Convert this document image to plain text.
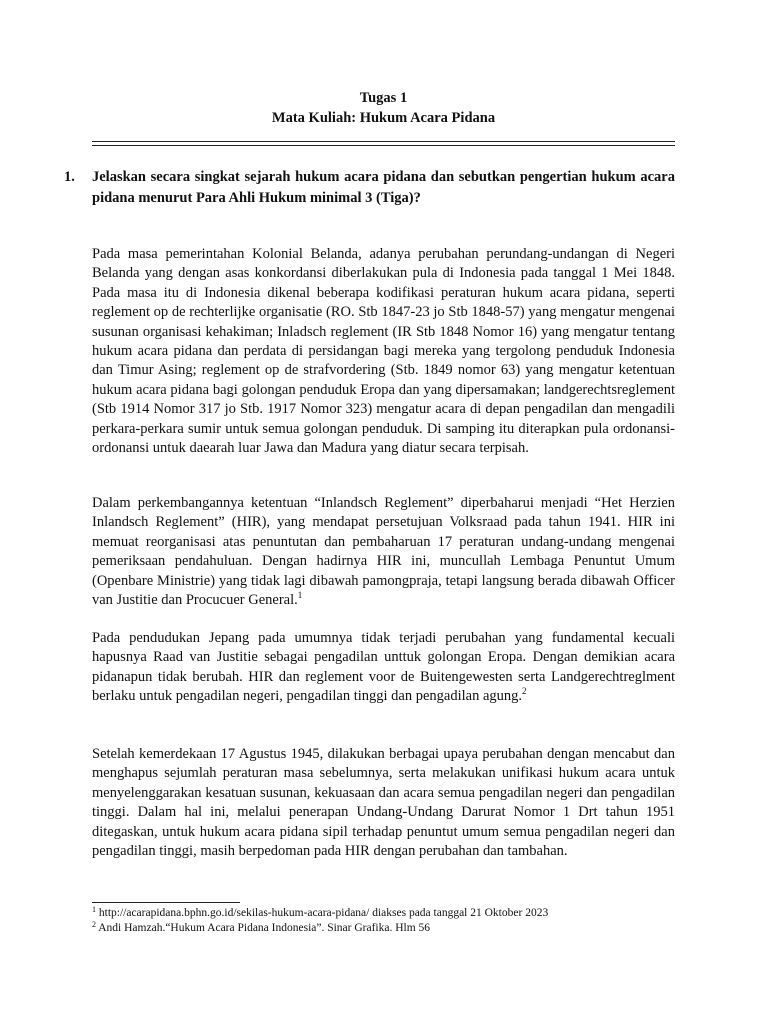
Tugas 1
Mata Kuliah: Hukum Acara Pidana
1. Jelaskan secara singkat sejarah hukum acara pidana dan sebutkan pengertian hukum acara pidana menurut Para Ahli Hukum minimal 3 (Tiga)?

Pada masa pemerintahan Kolonial Belanda, adanya perubahan perundang-undangan di Negeri Belanda yang dengan asas konkordansi diberlakukan pula di Indonesia pada tanggal 1 Mei 1848. Pada masa itu di Indonesia dikenal beberapa kodifikasi peraturan hukum acara pidana, seperti reglement op de rechterlijke organisatie (RO. Stb 1847-23 jo Stb 1848-57) yang mengatur mengenai susunan organisasi kehakiman; Inladsch reglement (IR Stb 1848 Nomor 16) yang mengatur tentang hukum acara pidana dan perdata di persidangan bagi mereka yang tergolong penduduk Indonesia dan Timur Asing; reglement op de strafvordering (Stb. 1849 nomor 63) yang mengatur ketentuan hukum acara pidana bagi golongan penduduk Eropa dan yang dipersamakan; landgerechtsreglement (Stb 1914 Nomor 317 jo Stb. 1917 Nomor 323) mengatur acara di depan pengadilan dan mengadili perkara-perkara sumir untuk semua golongan penduduk. Di samping itu diterapkan pula ordonansi-ordonansi untuk daearah luar Jawa dan Madura yang diatur secara terpisah.

Dalam perkembangannya ketentuan “Inlandsch Reglement” diperbaharui menjadi “Het Herzien Inlandsch Reglement” (HIR), yang mendapat persetujuan Volksraad pada tahun 1941. HIR ini memuat reorganisasi atas penuntutan dan pembaharuan 17 peraturan undang-undang mengenai pemeriksaan pendahuluan. Dengan hadirnya HIR ini, muncullah Lembaga Penuntut Umum (Openbare Ministrie) yang tidak lagi dibawah pamongpraja, tetapi langsung berada dibawah Officer van Justitie dan Procucuer General.$^1$

Pada pendudukan Jepang pada umumnya tidak terjadi perubahan yang fundamental kecuali hapusnya Raad van Justitie sebagai pengadilan unttuk golongan Eropa. Dengan demikian acara pidanapun tidak berubah. HIR dan reglement voor de Buitengewesten serta Landgerechtreglment berlaku untuk pengadilan negeri, pengadilan tinggi dan pengadilan agung.$^2$

Setelah kemerdekaan 17 Agustus 1945, dilakukan berbagai upaya perubahan dengan mencabut dan menghapus sejumlah peraturan masa sebelumnya, serta melakukan unifikasi hukum acara untuk menyelenggarakan kesatuan susunan, kekuasaan dan acara semua pengadilan negeri dan pengadilan tinggi. Dalam hal ini, melalui penerapan Undang-Undang Darurat Nomor 1 Drt tahun 1951 ditegaskan, untuk hukum acara pidana sipil terhadap penuntut umum semua pengadilan negeri dan pengadilan tinggi, masih berpedoman pada HIR dengan perubahan dan tambahan.

$^1$ http://acarapidana.bphn.go.id/sekilas-hukum-acara-pidana/ diakses pada tanggal 21 Oktober 2023
$^2$ Andi Hamzah.“Hukum Acara Pidana Indonesia”. Sinar Grafika. Hlm 56
